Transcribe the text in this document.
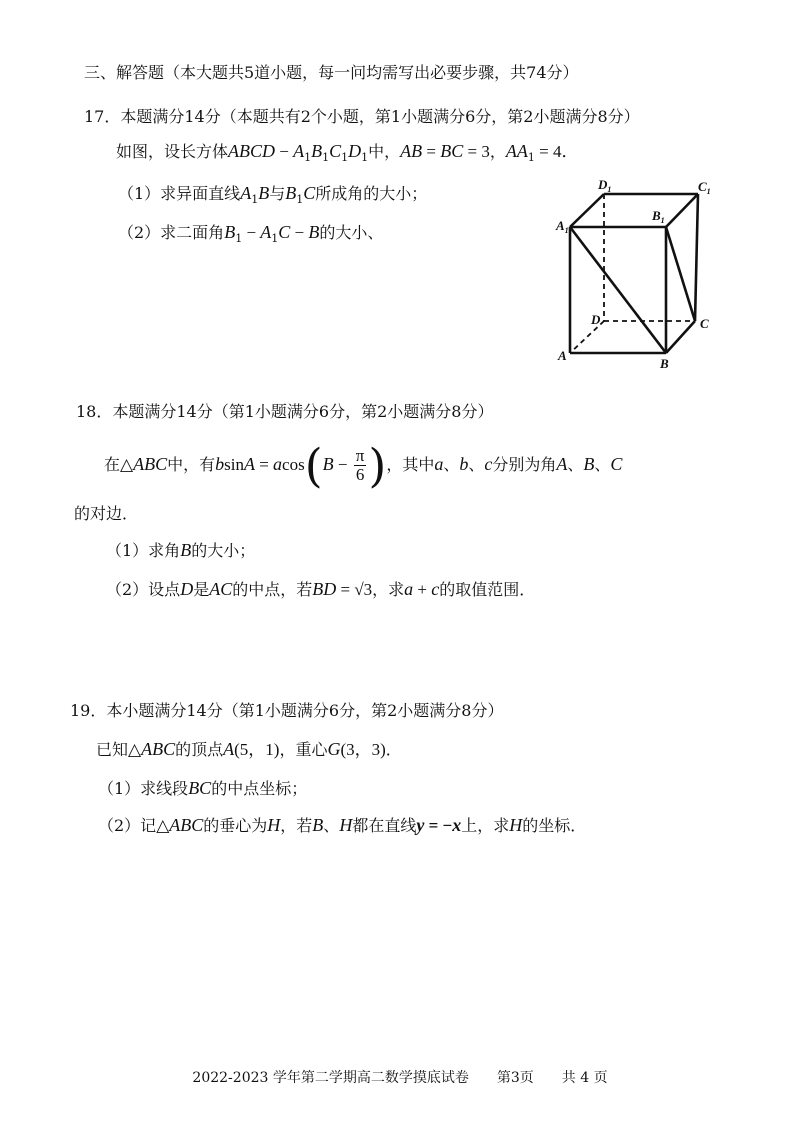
三、解答题（本大题共5道小题，每一问均需写出必要步骤，共74分）
17．本题满分14分（本题共有2个小题，第1小题满分6分，第2小题满分8分）
如图，设长方体ABCD − $A_1B_1C_1D_1$中，AB = BC = 3，$AA_1 = 4$．
（1）求异面直线$A_1B$与$B_1C$所成角的大小；
（2）求二面角$B_1 - A_1C - B$的大小、
$D_1$	$C_1$
$A_1$
$B_1$
D	C
A
B
18．本题满分14分（第1小题满分6分，第2小题满分8分）
在△ABC中，有$bsinA = acos(B - \frac{\pi}{6}$ )，其中a、b、c分别为角A、B、C
的对边．
（1）求角B的大小；
（2）设点D是AC的中点，若BD = √3，求a + c的取值范围．
19．本小题满分14分（第1小题满分6分，第2小题满分8分）
已知△ABC的顶点A(5，1)，重心G(3，3)．
（1）求线段BC的中点坐标；
（2）记△ABC的垂心为H，若B、H都在直线y = −x上，求H的坐标．
2022-2023 学年第二学期高二数学摸底试卷　　第3页　　共 4 页
